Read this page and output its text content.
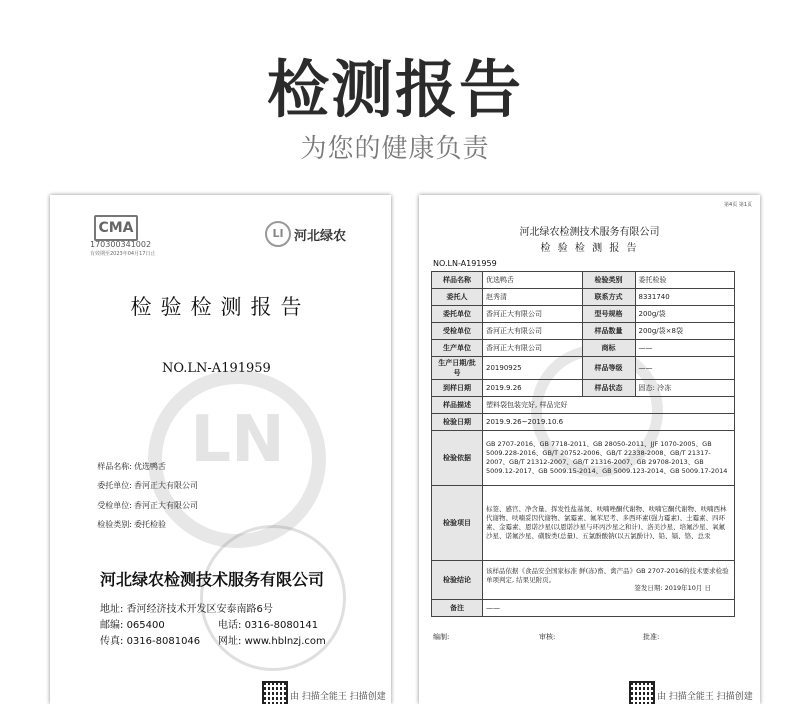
检测报告
为您的健康负责
CMA
170300341002
有效期至2023年04月17日止
LI 河北绿农
检验检测报告
NO.LN-A191959
LN
样品名称: 优选鸭舌
委托单位: 香河正大有限公司
受检单位: 香河正大有限公司
检验类别: 委托检验
河北绿农检测技术服务有限公司
地址: 香河经济技术开发区安泰南路6号
邮编: 065400	电话: 0316-8080141
传真: 0316-8081046 网址: www.hblnzj.com
由 扫描全能王 扫描创建
第4页 第1页
河北绿农检测技术服务有限公司
检 验 检 测 报 告
NO.LN-A191959
样品名称	优选鸭舌	检验类别	委托检验
委托人	赵秀清	联系方式	8331740
委托单位	香河正大有限公司	型号规格	200g/袋
受检单位	香河正大有限公司	样品数量	200g/袋×8袋
生产单位	香河正大有限公司	商标	——
生产日期/批号	20190925	样品等级	——
到样日期	2019.9.26	样品状态	固态: 冷冻
样品描述	塑料袋包装完好, 样品完好		
检验日期	2019.9.26~2019.10.6		
检验依据	GB 2707-2016、GB 7718-2011、GB 28050-2011、JJF 1070-2005、GB 5009.228-2016、GB/T 20752-2006、GB/T 22338-2008、GB/T 21317-2007、GB/T 21312-2007、GB/T 21316-2007、GB 29708-2013、GB 5009.12-2017、GB 5009.15-2014、GB 5009.123-2014、GB 5009.17-2014		
检验项目	标签、感官、净含量、挥发性盐基氮、呋喃唑酮代谢物、呋喃它酮代谢物、呋喃西林代谢物、呋喃妥因代谢物、氯霉素、氟苯尼考、多西环素(强力霉素)、土霉素、四环素、金霉素、恩诺沙星(以恩诺沙星与环丙沙星之和计)、洛美沙星、培氟沙星、氧氟沙星、诺氟沙星、磺胺类(总量)、五氯酚酸钠(以五氯酚计)、铅、镉、铬、总汞		
检验结论	该样品依据《食品安全国家标准 鲜(冻)畜、禽产品》GB 2707-2016的技术要求检验单项判定, 结果见附页。
签发日期: 2019年10月 日		

备注	——		
编制:	审核:	批准:
由 扫描全能王 扫描创建
